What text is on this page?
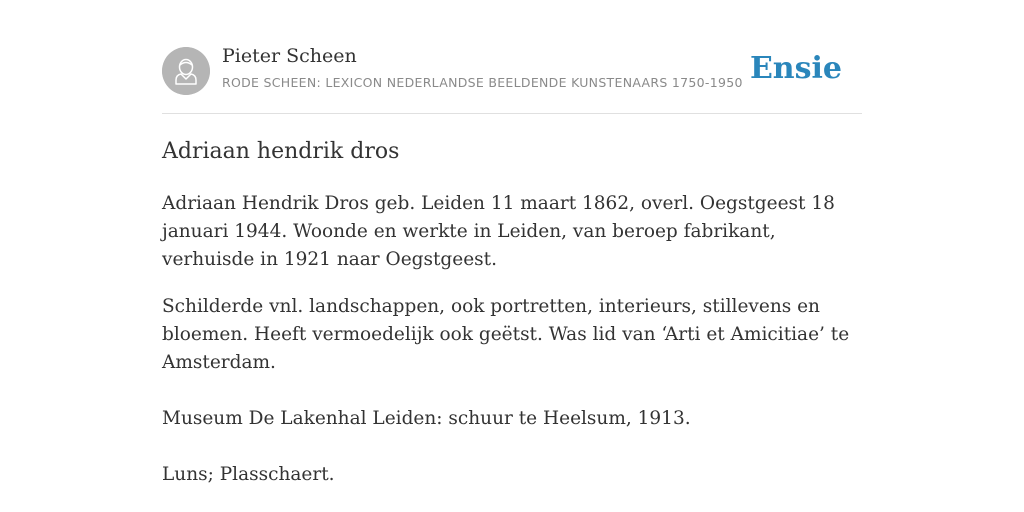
Pieter Scheen
RODE SCHEEN: LEXICON NEDERLANDSE BEELDENDE KUNSTENAARS 1750-1950 Ensie
Adriaan hendrik dros

Adriaan Hendrik Dros geb. Leiden 11 maart 1862, overl. Oegstgeest 18 januari 1944. Woonde en werkte in Leiden, van beroep fabrikant, verhuisde in 1921 naar Oegstgeest.

Schilderde vnl. landschappen, ook portretten, interieurs, stillevens en bloemen. Heeft vermoedelijk ook geëtst. Was lid van ‘Arti et Amicitiae’ te Amsterdam.

Museum De Lakenhal Leiden: schuur te Heelsum, 1913.

Luns; Plasschaert.
